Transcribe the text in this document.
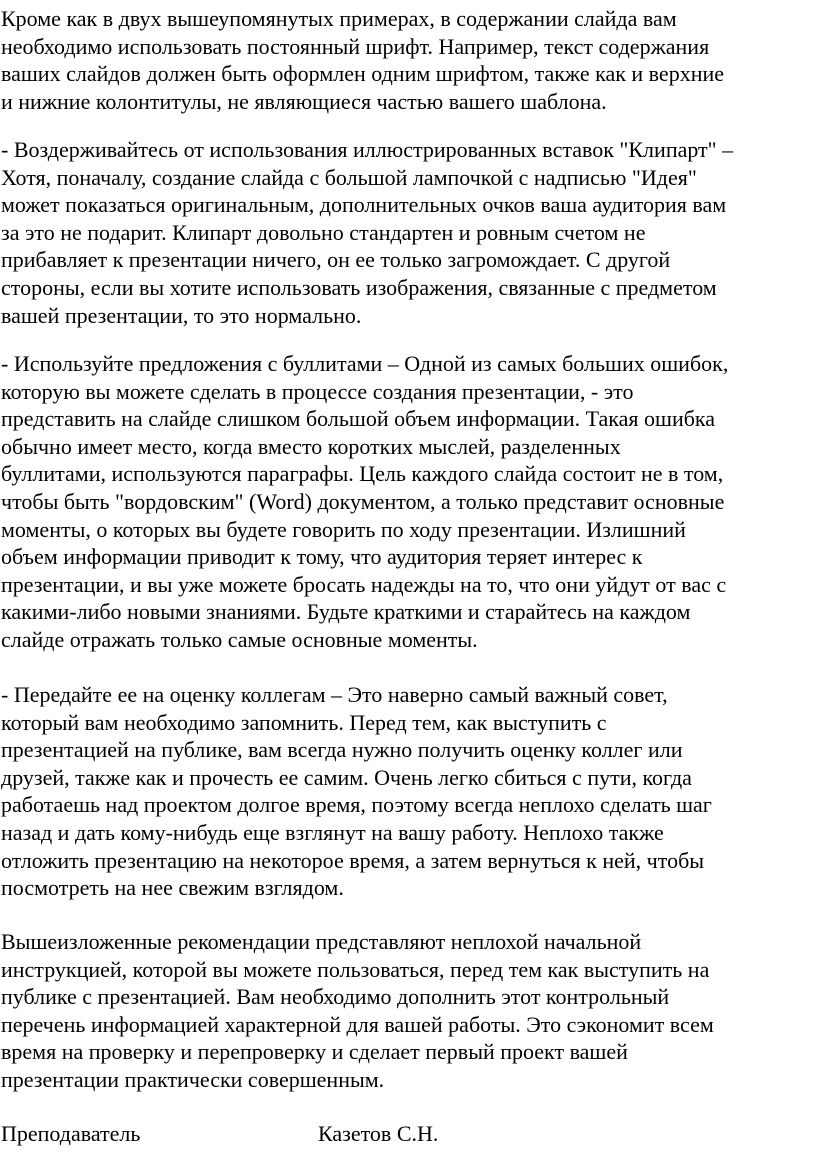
Кроме как в двух вышеупомянутых примерах, в содержании слайда вам
необходимо использовать постоянный шрифт. Например, текст содержания
ваших слайдов должен быть оформлен одним шрифтом, также как и верхние
и нижние колонтитулы, не являющиеся частью вашего шаблона.

- Воздерживайтесь от использования иллюстрированных вставок "Клипарт" –
Хотя, поначалу, создание слайда с большой лампочкой с надписью "Идея"
может показаться оригинальным, дополнительных очков ваша аудитория вам
за это не подарит. Клипарт довольно стандартен и ровным счетом не
прибавляет к презентации ничего, он ее только загромождает. С другой
стороны, если вы хотите использовать изображения, связанные с предметом
вашей презентации, то это нормально.

- Используйте предложения с буллитами – Одной из самых больших ошибок,
которую вы можете сделать в процессе создания презентации, - это
представить на слайде слишком большой объем информации. Такая ошибка
обычно имеет место, когда вместо коротких мыслей, разделенных
буллитами, используются параграфы. Цель каждого слайда состоит не в том,
чтобы быть "вордовским" (Word) документом, а только представит основные
моменты, о которых вы будете говорить по ходу презентации. Излишний
объем информации приводит к тому, что аудитория теряет интерес к
презентации, и вы уже можете бросать надежды на то, что они уйдут от вас с
какими-либо новыми знаниями. Будьте краткими и старайтесь на каждом
слайде отражать только самые основные моменты.

- Передайте ее на оценку коллегам – Это наверно самый важный совет,
который вам необходимо запомнить. Перед тем, как выступить с
презентацией на публике, вам всегда нужно получить оценку коллег или
друзей, также как и прочесть ее самим. Очень легко сбиться с пути, когда
работаешь над проектом долгое время, поэтому всегда неплохо сделать шаг
назад и дать кому-нибудь еще взглянут на вашу работу. Неплохо также
отложить презентацию на некоторое время, а затем вернуться к ней, чтобы
посмотреть на нее свежим взглядом.

Вышеизложенные рекомендации представляют неплохой начальной
инструкцией, которой вы можете пользоваться, перед тем как выступить на
публике с презентацией. Вам необходимо дополнить этот контрольный
перечень информацией характерной для вашей работы. Это сэкономит всем
время на проверку и перепроверку и сделает первый проект вашей
презентации практически совершенным.

Преподаватель	Казетов С.Н.
